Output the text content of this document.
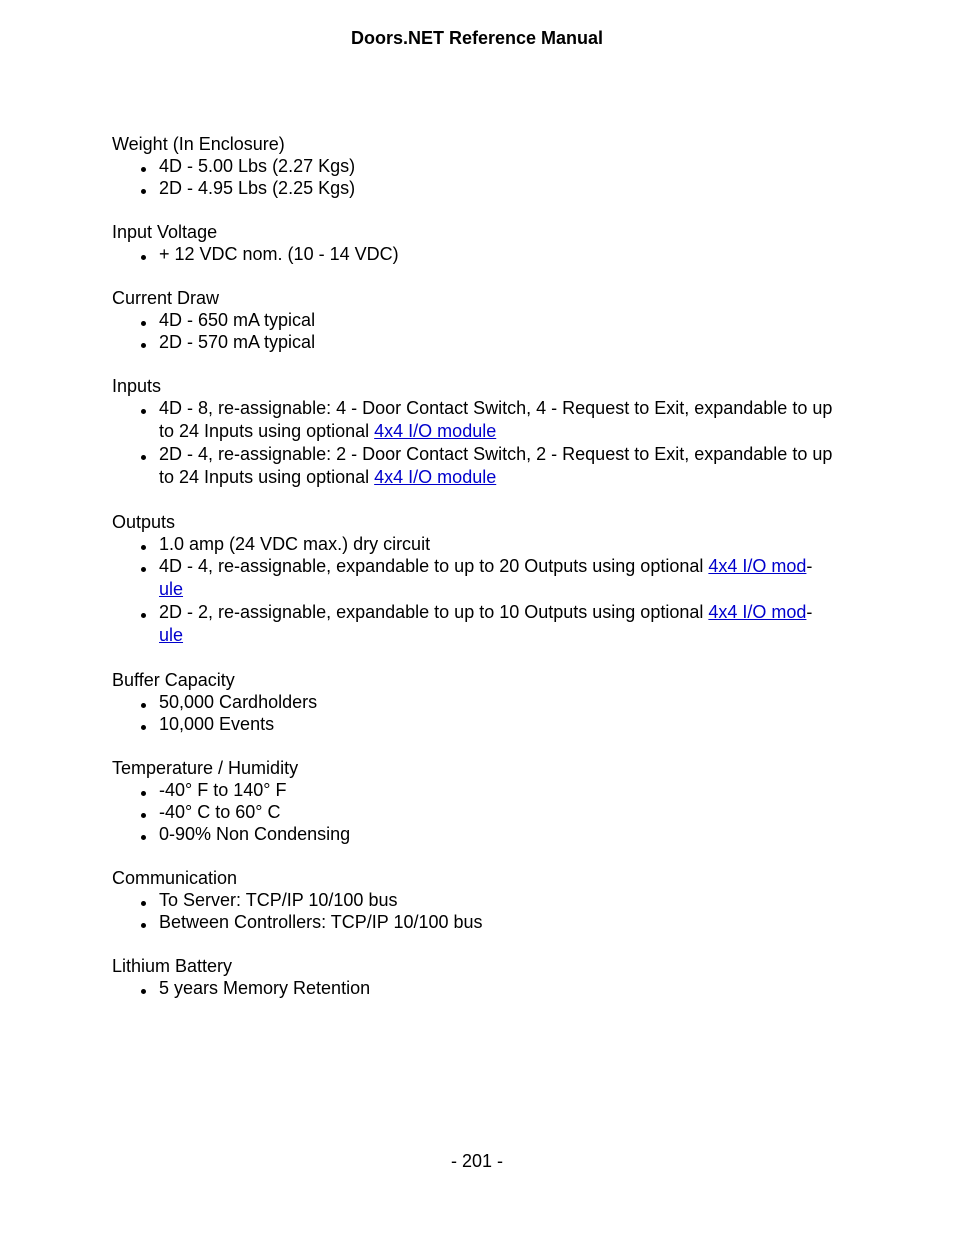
Doors.NET Reference Manual

Weight (In Enclosure)

4D - 5.00 Lbs (2.27 Kgs)
2D - 4.95 Lbs (2.25 Kgs)

Input Voltage

+ 12 VDC nom. (10 - 14 VDC)

Current Draw

4D - 650 mA typical
2D - 570 mA typical

Inputs

4D - 8, re-assignable: 4 - Door Contact Switch, 4 - Request to Exit, expandable to up to 24 Inputs using optional 4x4 I/O module
2D - 4, re-assignable: 2 - Door Contact Switch, 2 - Request to Exit, expandable to up to 24 Inputs using optional 4x4 I/O module

Outputs

1.0 amp (24 VDC max.) dry circuit
4D - 4, re-assignable, expandable to up to 20 Outputs using optional 4x4 I/O mod-
ule
2D - 2, re-assignable, expandable to up to 10 Outputs using optional 4x4 I/O mod-
ule

Buffer Capacity

50,000 Cardholders
10,000 Events

Temperature / Humidity

-40° F to 140° F
-40° C to 60° C
0-90% Non Condensing

Communication

To Server: TCP/IP 10/100 bus
Between Controllers: TCP/IP 10/100 bus

Lithium Battery

5 years Memory Retention
- 201 -
